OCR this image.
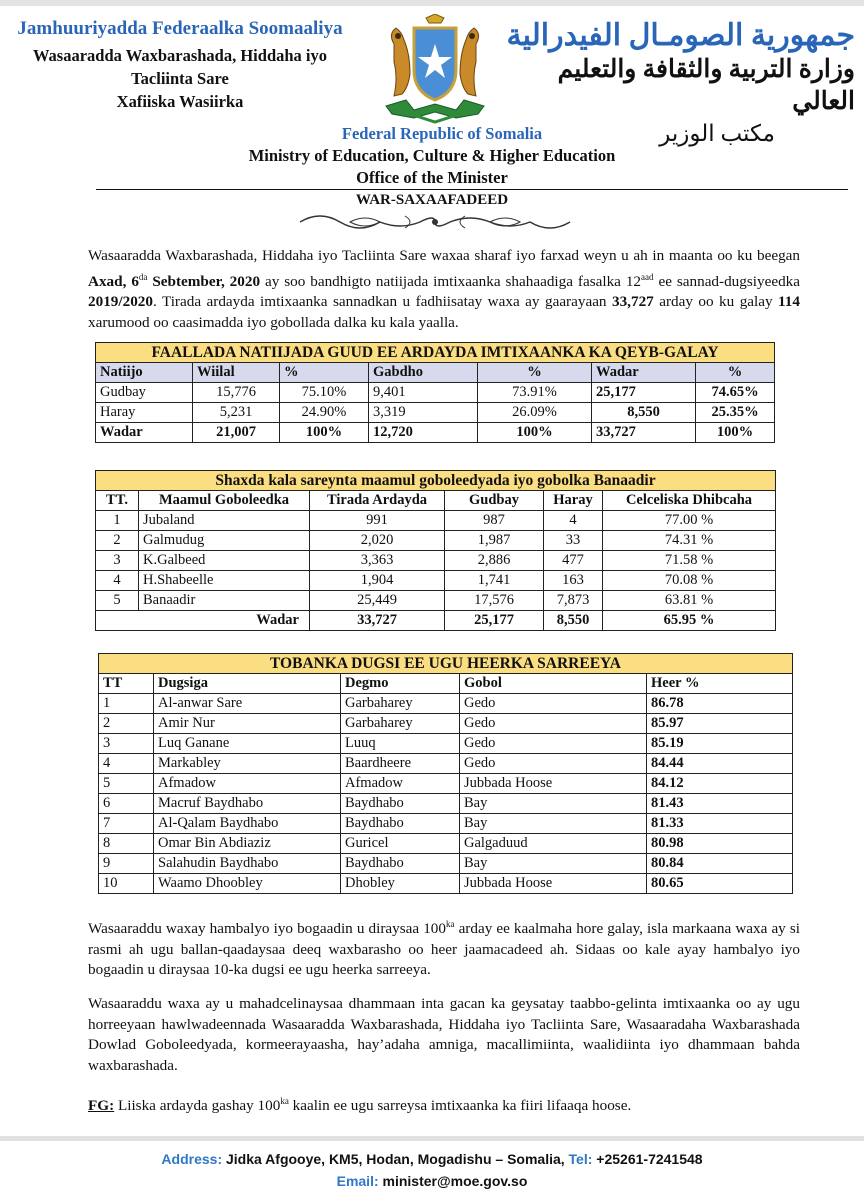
Jamhuuriyadda Federaalka Soomaaliya
Wasaaradda Waxbarashada, Hiddaha iyo
Tacliinta Sare
Xafiiska Wasiirka
جمهورية الصومـال الفيدرالية
وزارة التربية والثقافة والتعليم العالي
مكتب الوزير
Federal Republic of Somalia
Ministry of Education, Culture & Higher Education
Office of the Minister
WAR-SAXAAFADEED
Wasaaradda Waxbarashada, Hiddaha iyo Tacliinta Sare waxaa sharaf iyo farxad weyn u ah in maanta oo ku beegan Axad, $6^{da}$ Sebtember, 2020 ay soo bandhigto natiijada imtixaanka shahaadiga fasalka $12^{aad}$ ee sannad-dugsiyeedka 2019/2020. Tirada ardayda imtixaanka sannadkan u fadhiisatay waxa ay gaarayaan 33,727 arday oo ku galay 114 xarumood oo caasimadda iyo gobollada dalka ku kala yaalla.
FAALLADA NATIIJADA GUUD EE ARDAYDA IMTIXAANKA KA QEYB-GALAY						
Natiijo	Wiilal	%	Gabdho	%	Wadar	%
Gudbay	15,776	75.10%	9,401	73.91%	25,177	74.65%
Haray	5,231	24.90%	3,319	26.09%	8,550	25.35%
Wadar	21,007	100%	12,720	100%	33,727	100%
Shaxda kala sareynta maamul goboleedyada iyo gobolka Banaadir					
TT.	Maamul Goboleedka	Tirada Ardayda	Gudbay	Haray	Celceliska Dhibcaha
1	Jubaland	991	987	4	77.00 %
2	Galmudug	2,020	1,987	33	74.31 %
3	K.Galbeed	3,363	2,886	477	71.58 %
4	H.Shabeelle	1,904	1,741	163	70.08 %
5	Banaadir	25,449	17,576	7,873	63.81 %
Wadar		33,727	25,177	8,550	65.95 %
TOBANKA DUGSI EE UGU HEERKA SARREEYA				
TT	Dugsiga	Degmo	Gobol	Heer %
1	Al-anwar Sare	Garbaharey	Gedo	86.78
2	Amir Nur	Garbaharey	Gedo	85.97
3	Luq Ganane	Luuq	Gedo	85.19
4	Markabley	Baardheere	Gedo	84.44
5	Afmadow	Afmadow	Jubbada Hoose	84.12
6	Macruf Baydhabo	Baydhabo	Bay	81.43
7	Al-Qalam Baydhabo	Baydhabo	Bay	81.33
8	Omar Bin Abdiaziz	Guricel	Galgaduud	80.98
9	Salahudin Baydhabo	Baydhabo	Bay	80.84
10	Waamo Dhoobley	Dhobley	Jubbada Hoose	80.65
Wasaaraddu waxay hambalyo iyo bogaadin u diraysaa $100^{ka}$ arday ee kaalmaha hore galay, isla markaana waxa ay si rasmi ah ugu ballan-qaadaysaa deeq waxbarasho oo heer jaamacadeed ah. Sidaas oo kale ayay hambalyo iyo bogaadin u diraysaa 10-ka dugsi ee ugu heerka sarreeya.
Wasaaraddu waxa ay u mahadcelinaysaa dhammaan inta gacan ka geysatay taabbo-gelinta imtixaanka oo ay ugu horreeyaan hawlwadeennada Wasaaradda Waxbarashada, Hiddaha iyo Tacliinta Sare, Wasaaradaha Waxbarashada Dowlad Goboleedyada, kormeerayaasha, hay’adaha amniga, macallimiinta, waalidiinta iyo dhammaan bahda waxbarashada.
FG: Liiska ardayda gashay $100^{ka}$ kaalin ee ugu sarreysa imtixaanka ka fiiri lifaaqa hoose.
Address: Jidka Afgooye, KM5, Hodan, Mogadishu – Somalia, Tel: +25261-7241548
Email: minister@moe.gov.so
